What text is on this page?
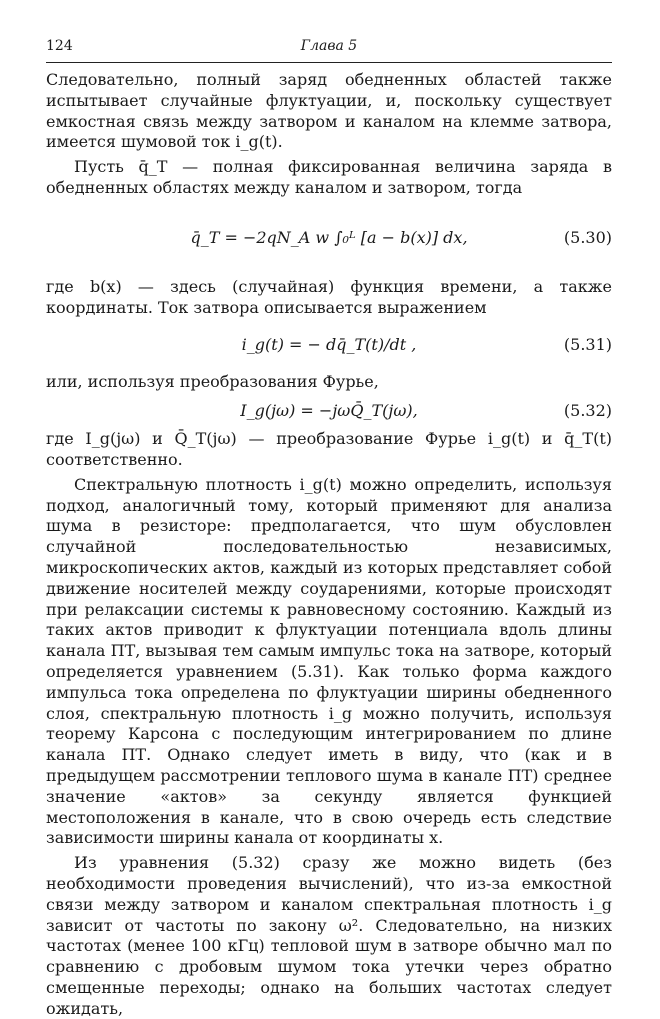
124	Глава 5

Следовательно, полный заряд обедненных областей также испытывает случайные флуктуации, и, поскольку существует емкостная связь между затвором и каналом на клемме затвора, имеется шумовой ток i_g(t).

Пусть q̄_T — полная фиксированная величина заряда в обедненных областях между каналом и затвором, тогда

q̄_T = −2qN_A w ∫₀ᴸ [a − b(x)] dx,	(5.30)

где b(x) — здесь (случайная) функция времени, а также координаты. Ток затвора описывается выражением

i_g(t) = − dq̄_T(t)/dt ,	(5.31)

или, используя преобразования Фурье,

I_g(jω) = −jωQ̄_T(jω),	(5.32)

где I_g(jω) и Q̄_T(jω) — преобразование Фурье i_g(t) и q̄_T(t) соответственно.

Спектральную плотность i_g(t) можно определить, используя подход, аналогичный тому, который применяют для анализа шума в резисторе: предполагается, что шум обусловлен случайной последовательностью независимых, микроскопических актов, каждый из которых представляет собой движение носителей между соударениями, которые происходят при релаксации системы к равновесному состоянию. Каждый из таких актов приводит к флуктуации потенциала вдоль длины канала ПТ, вызывая тем самым импульс тока на затворе, который определяется уравнением (5.31). Как только форма каждого импульса тока определена по флуктуации ширины обедненного слоя, спектральную плотность i_g можно получить, используя теорему Карсона с последующим интегрированием по длине канала ПТ. Однако следует иметь в виду, что (как и в предыдущем рассмотрении теплового шума в канале ПТ) среднее значение «актов» за секунду является функцией местоположения в канале, что в свою очередь есть следствие зависимости ширины канала от координаты x.

Из уравнения (5.32) сразу же можно видеть (без необходимости проведения вычислений), что из-за емкостной связи между затвором и каналом спектральная плотность i_g зависит от частоты по закону ω². Следовательно, на низких частотах (менее 100 кГц) тепловой шум в затворе обычно мал по сравнению с дробовым шумом тока утечки через обратно смещенные переходы; однако на больших частотах следует ожидать,
